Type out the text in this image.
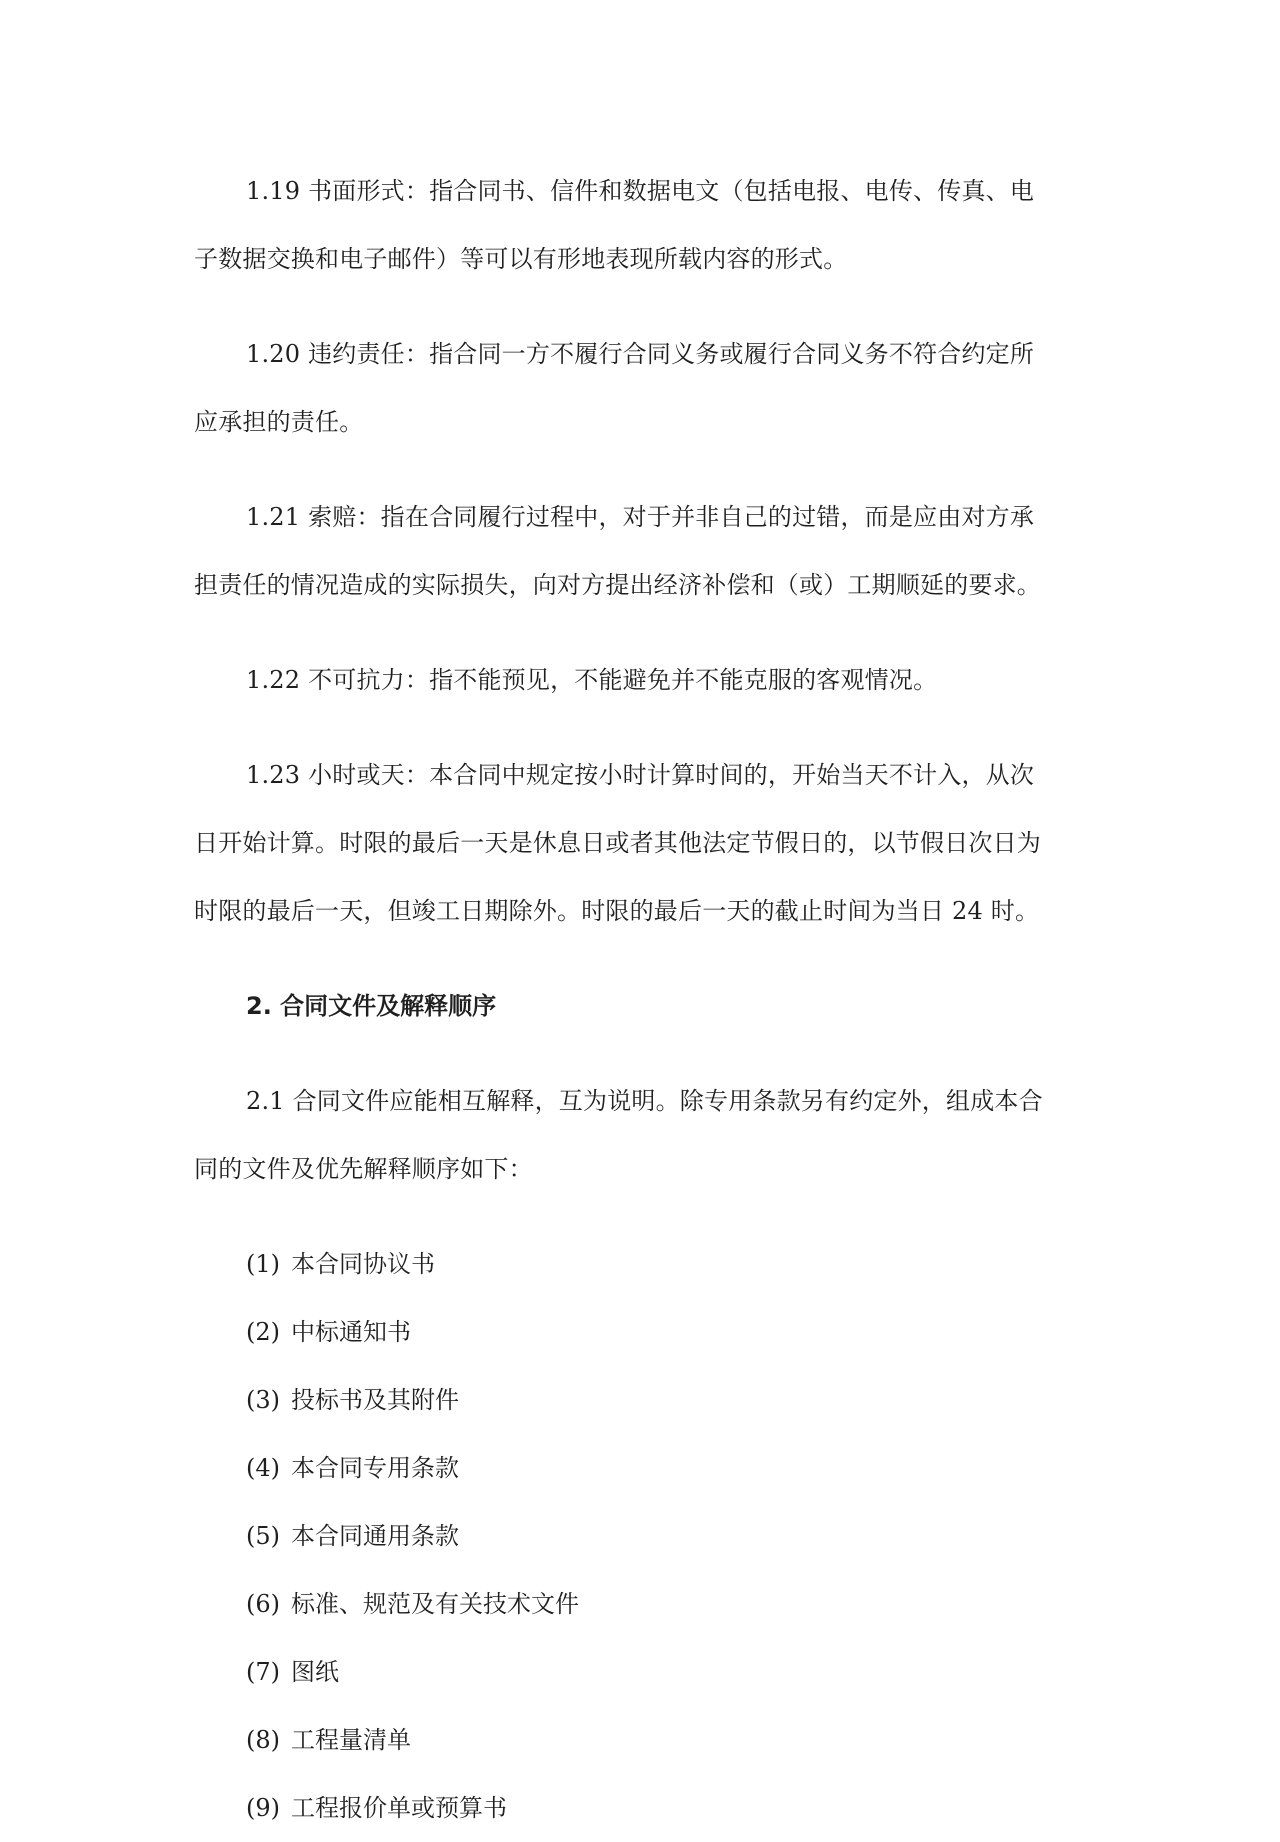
1.19 书面形式：指合同书、信件和数据电文（包括电报、电传、传真、电
子数据交换和电子邮件）等可以有形地表现所载内容的形式。

1.20 违约责任：指合同一方不履行合同义务或履行合同义务不符合约定所
应承担的责任。

1.21 索赔：指在合同履行过程中，对于并非自己的过错，而是应由对方承
担责任的情况造成的实际损失，向对方提出经济补偿和（或）工期顺延的要求。

1.22 不可抗力：指不能预见，不能避免并不能克服的客观情况。

1.23 小时或天：本合同中规定按小时计算时间的，开始当天不计入，从次
日开始计算。时限的最后一天是休息日或者其他法定节假日的，以节假日次日为
时限的最后一天，但竣工日期除外。时限的最后一天的截止时间为当日 24 时。

2. 合同文件及解释顺序

2.1 合同文件应能相互解释，互为说明。除专用条款另有约定外，组成本合
同的文件及优先解释顺序如下：

(1) 本合同协议书
(2) 中标通知书
(3) 投标书及其附件
(4) 本合同专用条款
(5) 本合同通用条款
(6) 标准、规范及有关技术文件
(7) 图纸
(8) 工程量清单
(9) 工程报价单或预算书
